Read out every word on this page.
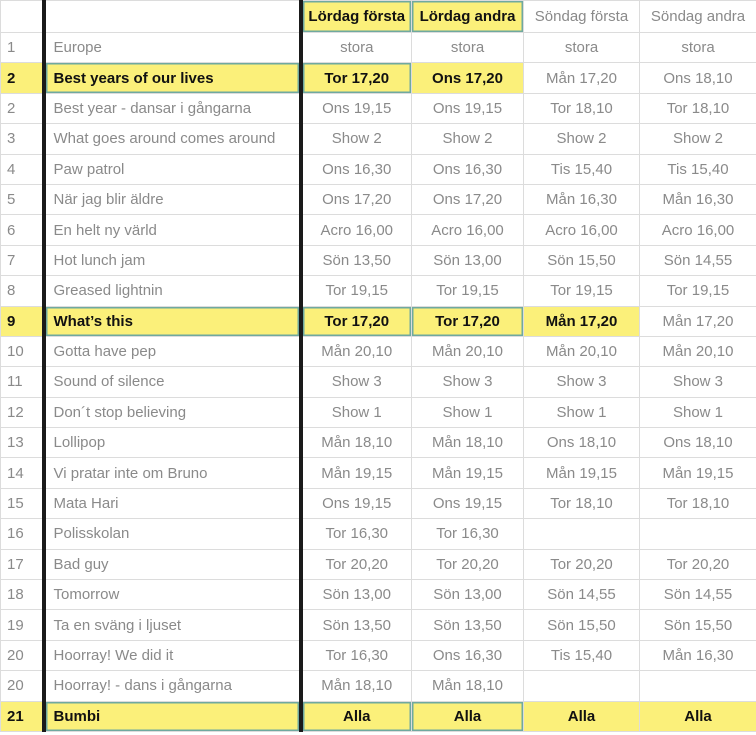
		Lördag första	Lördag andra	Söndag första	Söndag andra
1	Europe	stora	stora	stora	stora
2	Best years of our lives	Tor 17,20	Ons 17,20	Mån 17,20	Ons 18,10
2	Best year - dansar i gångarna	Ons 19,15	Ons 19,15	Tor 18,10	Tor 18,10
3	What goes around comes around	Show 2	Show 2	Show 2	Show 2
4	Paw patrol	Ons 16,30	Ons 16,30	Tis 15,40	Tis 15,40
5	När jag blir äldre	Ons 17,20	Ons 17,20	Mån 16,30	Mån 16,30
6	En helt ny värld	Acro 16,00	Acro 16,00	Acro 16,00	Acro 16,00
7	Hot lunch jam	Sön 13,50	Sön 13,00	Sön 15,50	Sön 14,55
8	Greased lightnin	Tor 19,15	Tor 19,15	Tor 19,15	Tor 19,15
9	What’s this	Tor 17,20	Tor 17,20	Mån 17,20	Mån 17,20
10	Gotta have pep	Mån 20,10	Mån 20,10	Mån 20,10	Mån 20,10
11	Sound of silence	Show 3	Show 3	Show 3	Show 3
12	Don´t stop believing	Show 1	Show 1	Show 1	Show 1
13	Lollipop	Mån 18,10	Mån 18,10	Ons 18,10	Ons 18,10
14	Vi pratar inte om Bruno	Mån 19,15	Mån 19,15	Mån 19,15	Mån 19,15
15	Mata Hari	Ons 19,15	Ons 19,15	Tor 18,10	Tor 18,10
16	Polisskolan	Tor 16,30	Tor 16,30		
17	Bad guy	Tor 20,20	Tor 20,20	Tor 20,20	Tor 20,20
18	Tomorrow	Sön 13,00	Sön 13,00	Sön 14,55	Sön 14,55
19	Ta en sväng i ljuset	Sön 13,50	Sön 13,50	Sön 15,50	Sön 15,50
20	Hoorray! We did it	Tor 16,30	Ons 16,30	Tis 15,40	Mån 16,30
20	Hoorray! - dans i gångarna	Mån 18,10	Mån 18,10		
21	Bumbi	Alla	Alla	Alla	Alla
